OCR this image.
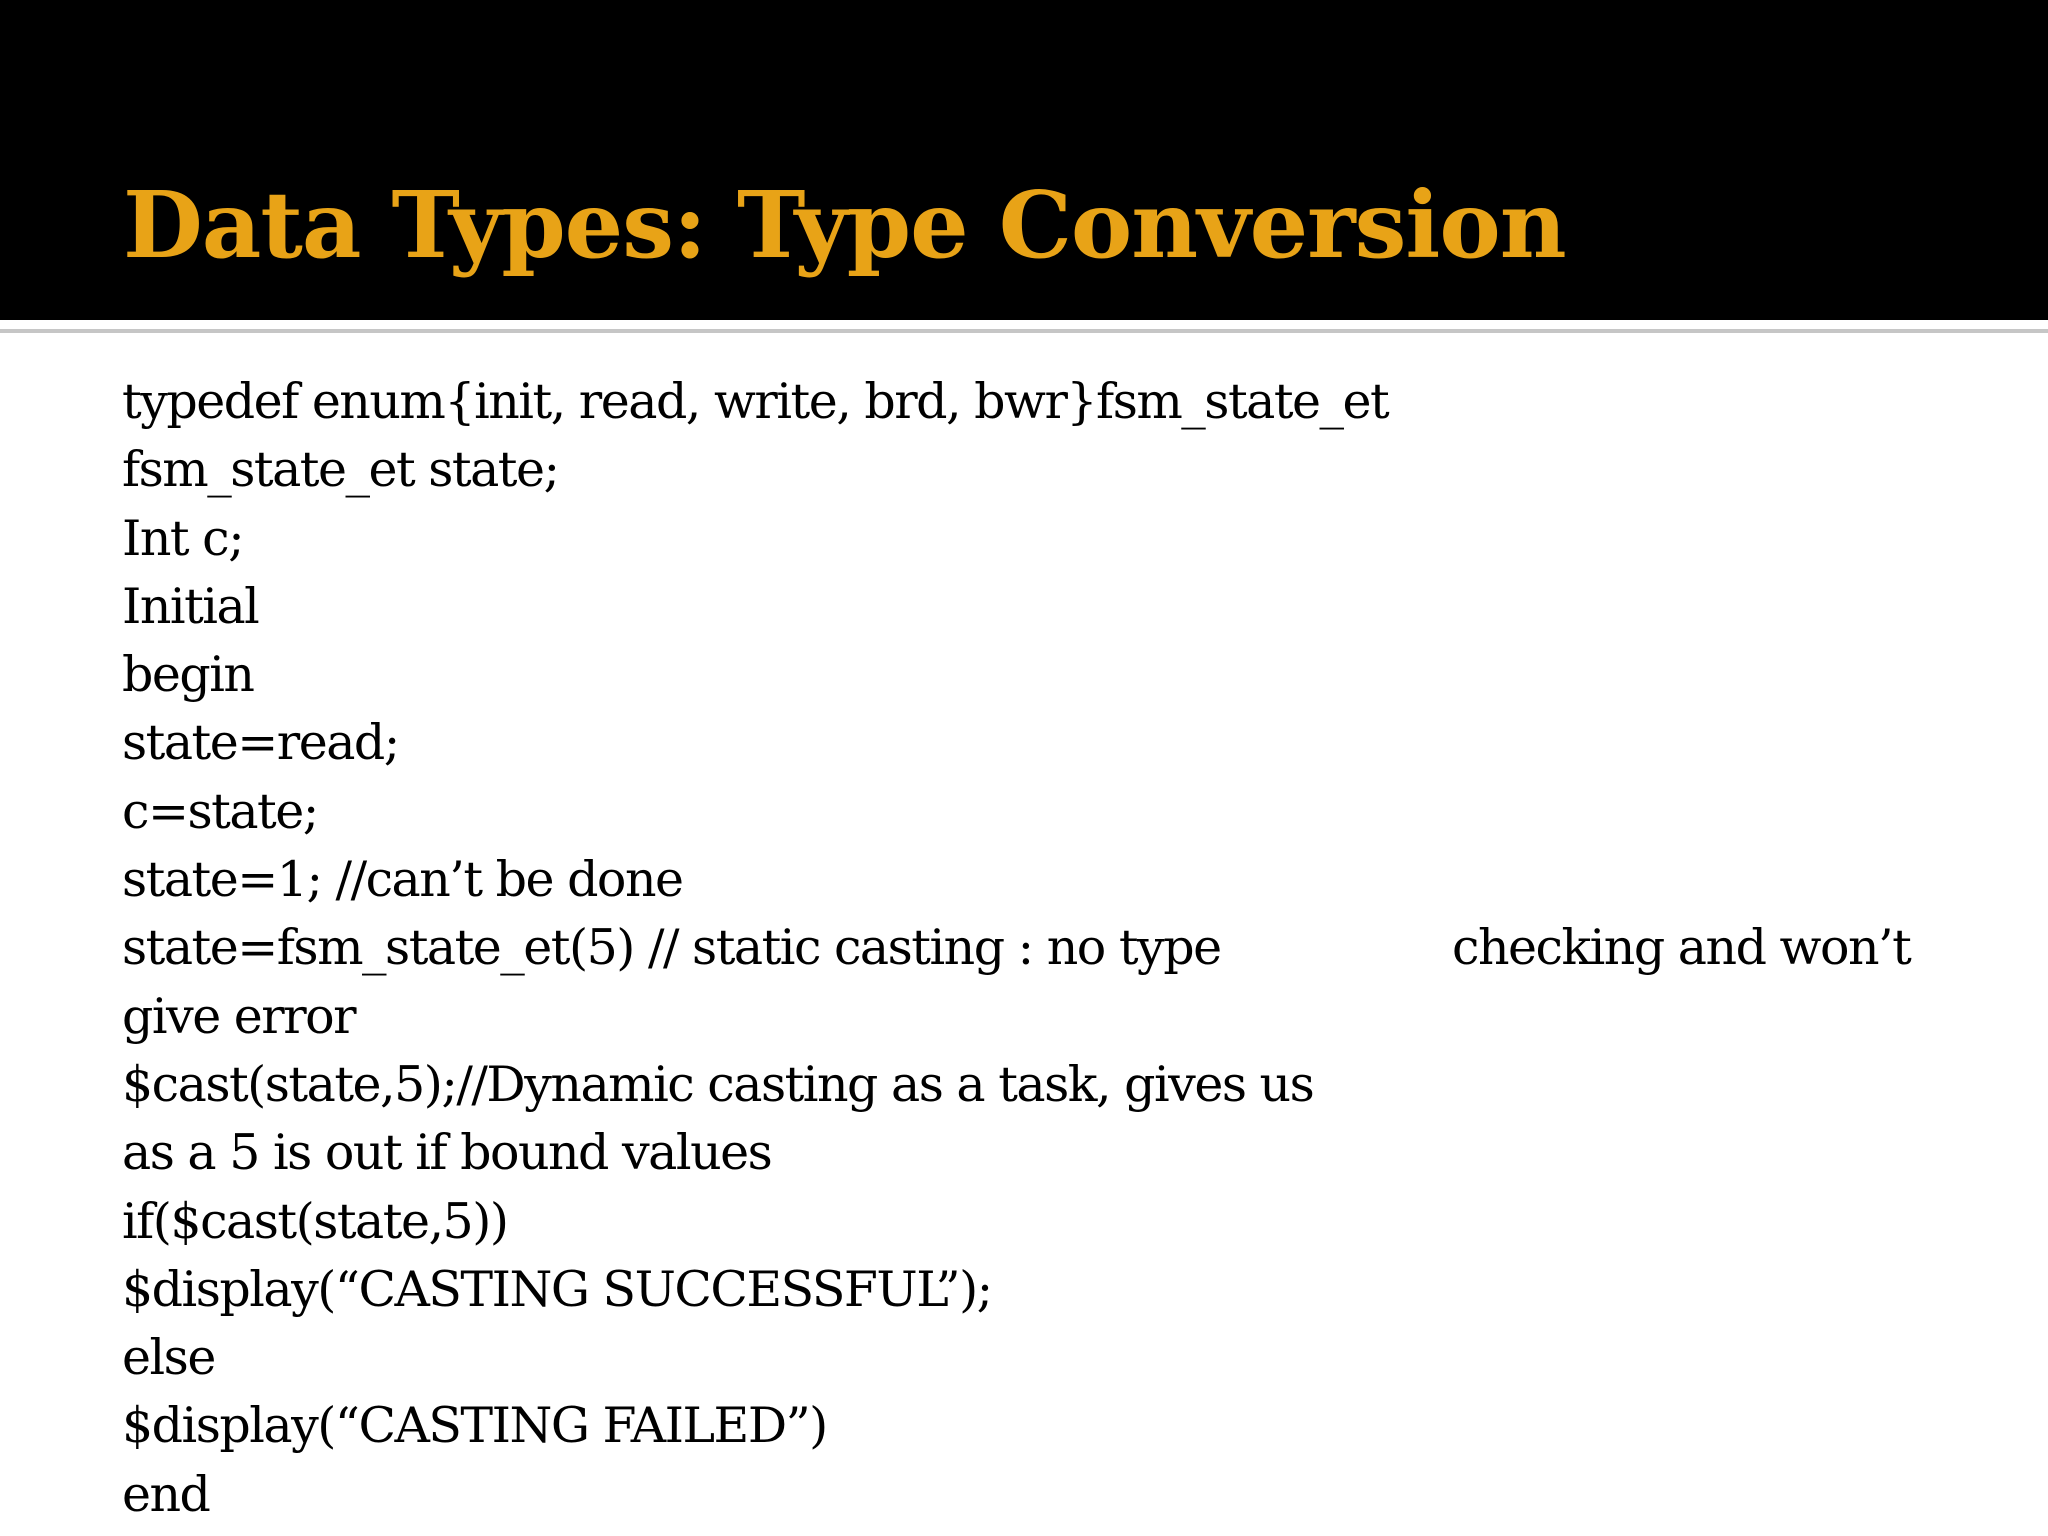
Data Types: Type Conversion
typedef enum{init, read, write, brd, bwr}fsm_state_et
fsm_state_et state;
Int c;
Initial
begin
state=read;
c=state;
state=1; //can’t be done
state=fsm_state_et(5) // static casting : no type	checking and won’t
give error
$cast(state,5);//Dynamic casting as a task, gives us
as a 5 is out if bound values
if($cast(state,5))
$display(“CASTING SUCCESSFUL”);
else
$display(“CASTING FAILED”)
end
